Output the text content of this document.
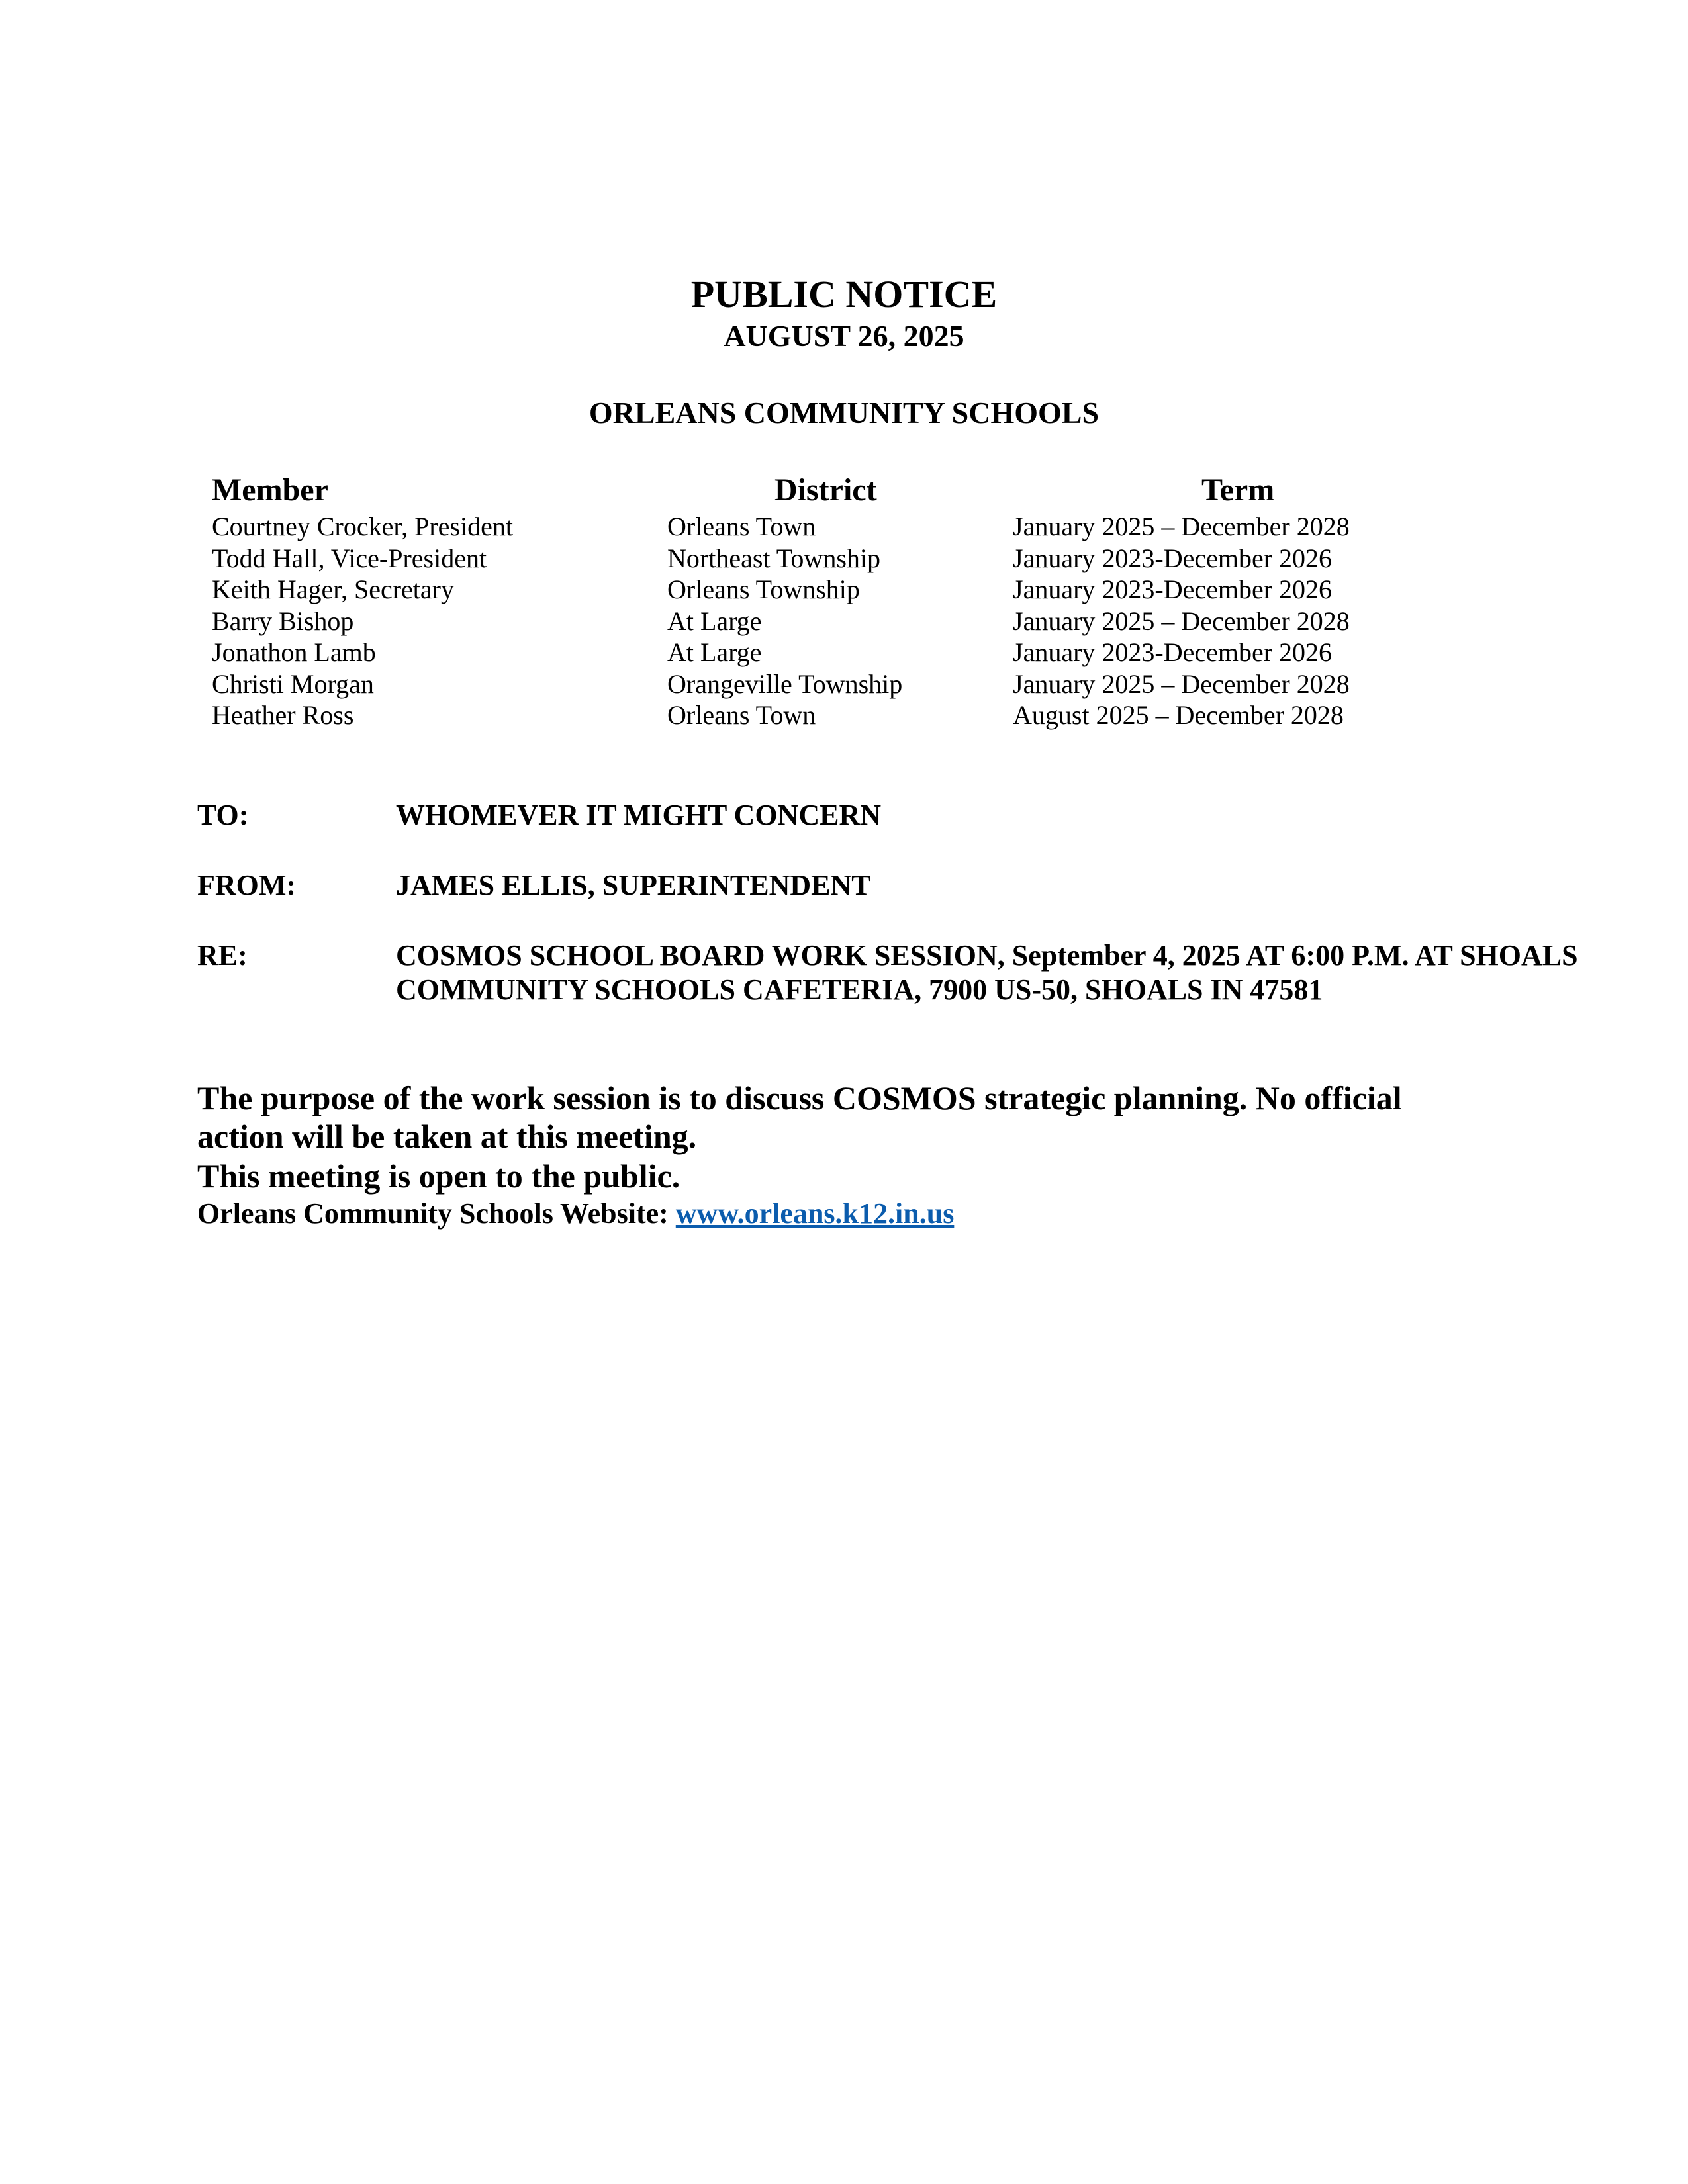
PUBLIC NOTICE
AUGUST 26, 2025
ORLEANS COMMUNITY SCHOOLS
Member	District	Term
Courtney Crocker, President	Orleans Town	January 2025 – December 2028
Todd Hall, Vice-President	Northeast Township	January 2023-December 2026
Keith Hager, Secretary	Orleans Township	January 2023-December 2026
Barry Bishop	At Large	January 2025 – December 2028
Jonathon Lamb	At Large	January 2023-December 2026
Christi Morgan	Orangeville Township	January 2025 – December 2028
Heather Ross	Orleans Town	August 2025 – December 2028
TO:	WHOMEVER IT MIGHT CONCERN
FROM:	JAMES ELLIS, SUPERINTENDENT
RE:	COSMOS SCHOOL BOARD WORK SESSION, September 4, 2025 AT 6:00 P.M. AT SHOALS COMMUNITY SCHOOLS CAFETERIA, 7900 US-50, SHOALS IN 47581

The purpose of the work session is to discuss COSMOS strategic planning. No official action will be taken at this meeting.

This meeting is open to the public.

Orleans Community Schools Website: www.orleans.k12.in.us
